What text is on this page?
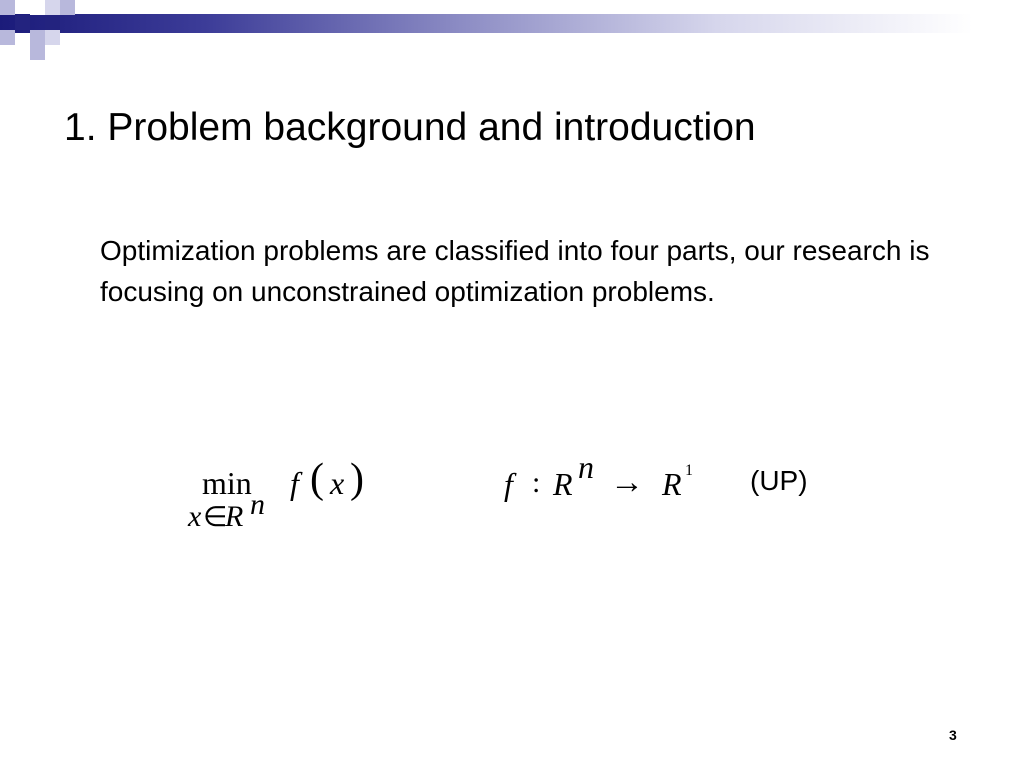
1. Problem background and introduction

Optimization problems are classified into four parts, our research is focusing on unconstrained optimization problems.

min
x ∈
R n
f ( x )	f : R n → R 1 (UP)
3
